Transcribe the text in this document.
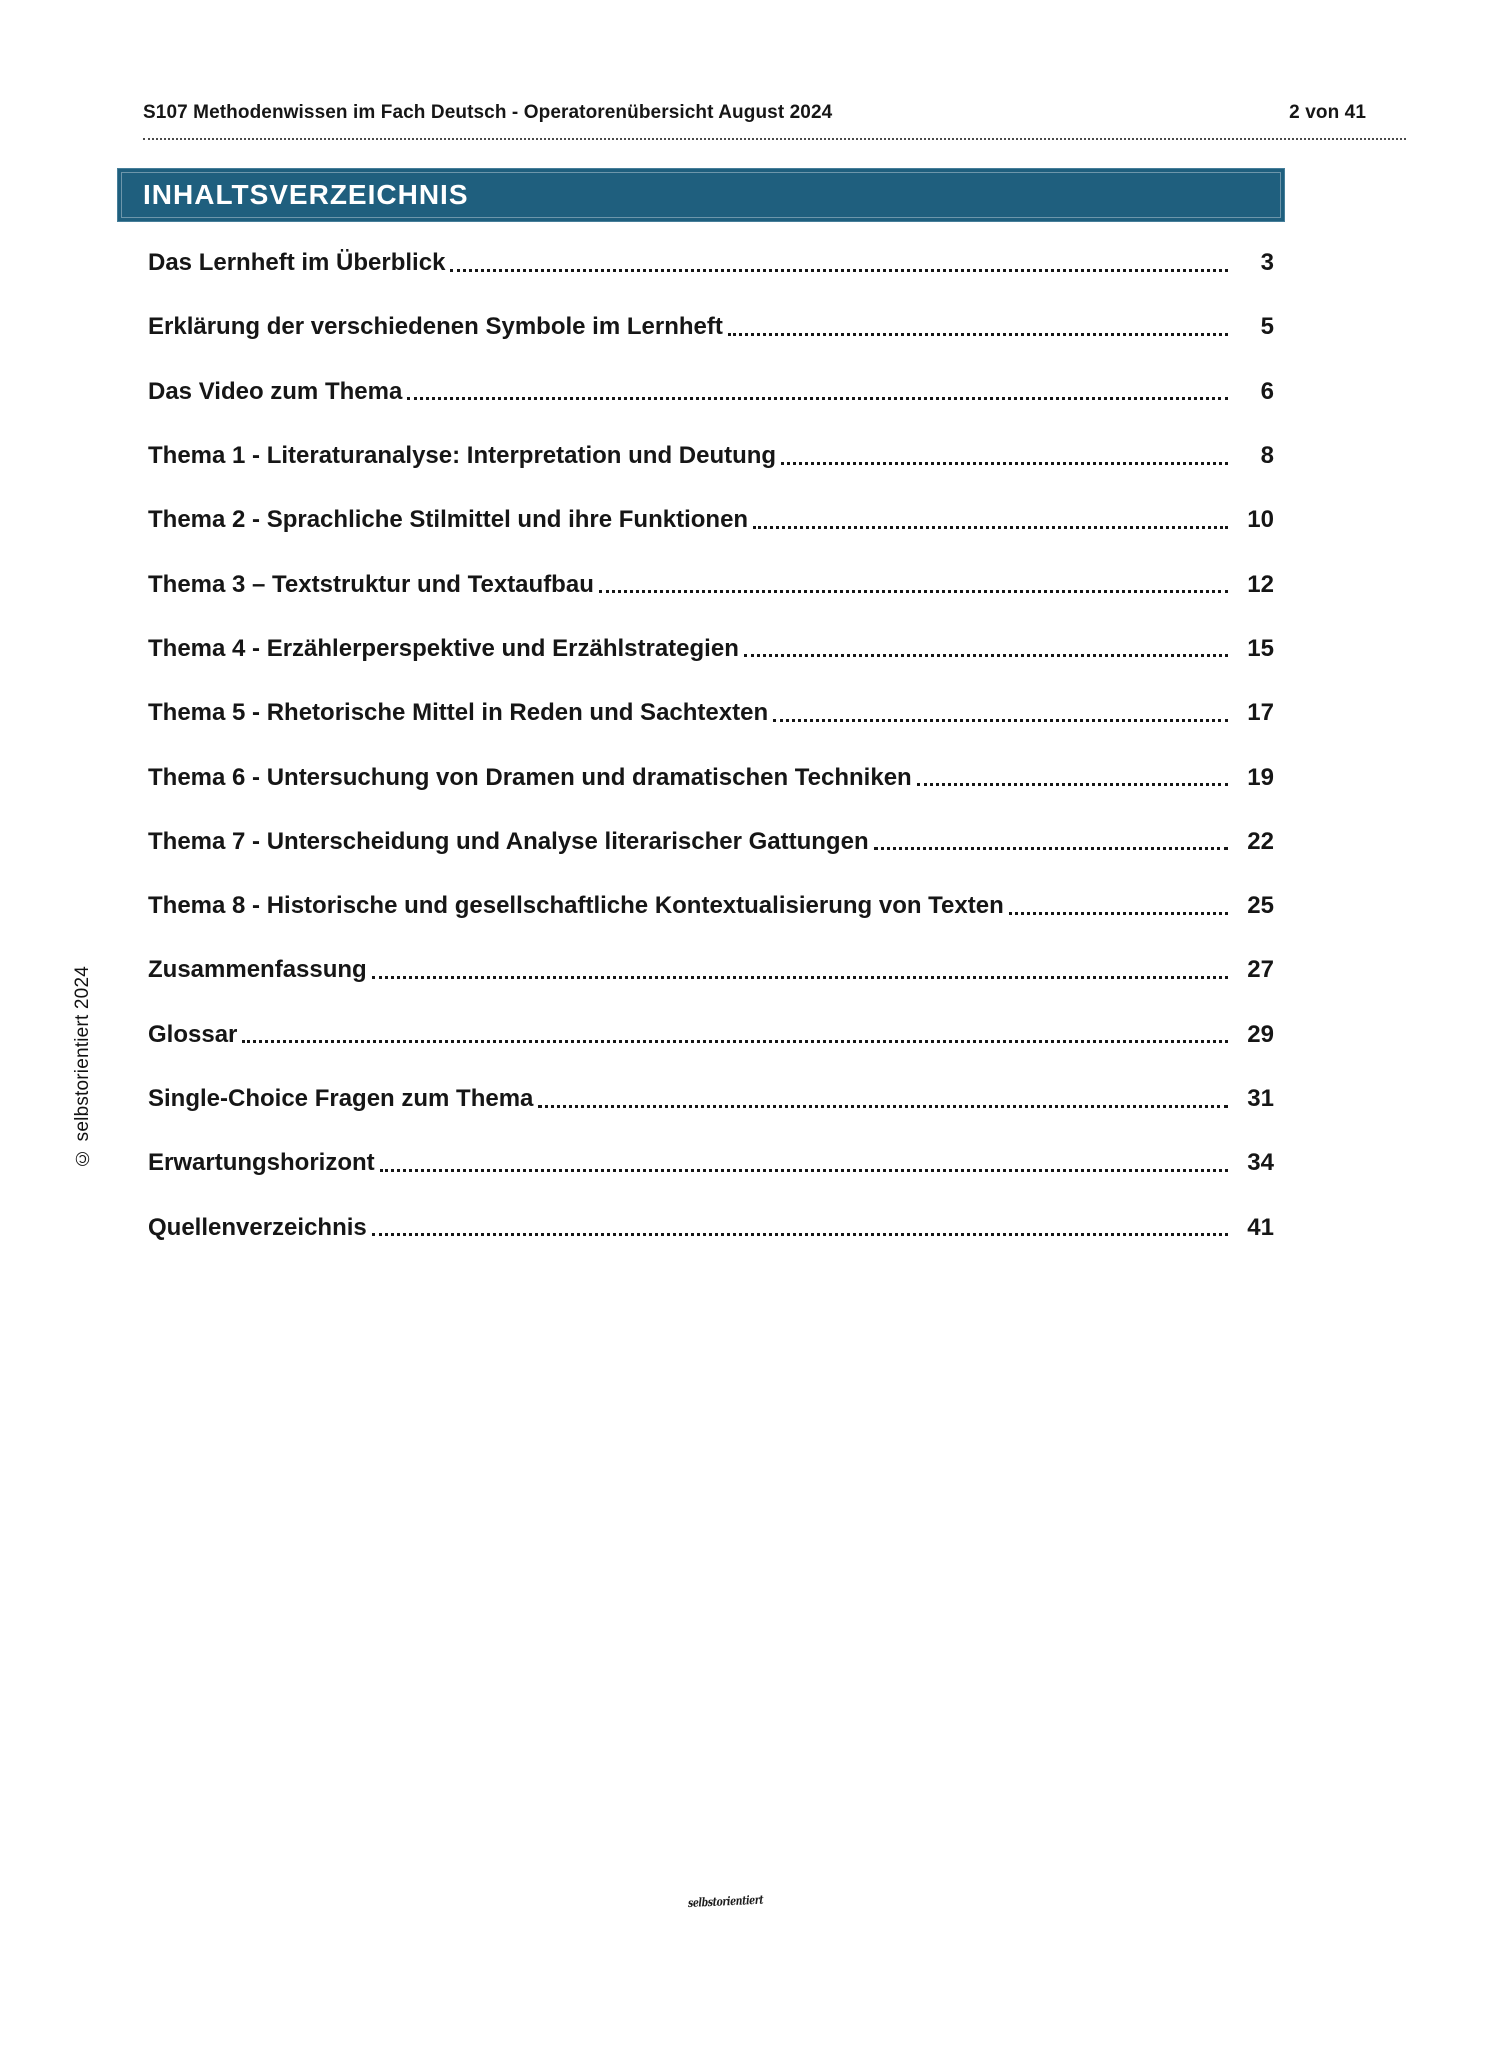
S107 Methodenwissen im Fach Deutsch - Operatorenübersicht August 2024	2 von 41
INHALTSVERZEICHNIS
Das Lernheft im Überblick	3
Erklärung der verschiedenen Symbole im Lernheft	5
Das Video zum Thema	6
Thema 1 - Literaturanalyse: Interpretation und Deutung	8
Thema 2 - Sprachliche Stilmittel und ihre Funktionen	10
Thema 3 – Textstruktur und Textaufbau	12
Thema 4 - Erzählerperspektive und Erzählstrategien	15
Thema 5 - Rhetorische Mittel in Reden und Sachtexten	17
Thema 6 - Untersuchung von Dramen und dramatischen Techniken	19
Thema 7 - Unterscheidung und Analyse literarischer Gattungen	22
Thema 8 - Historische und gesellschaftliche Kontextualisierung von Texten	25
Zusammenfassung	27
Glossar	29
Single-Choice Fragen zum Thema	31
Erwartungshorizont	34
Quellenverzeichnis	41
© selbstorientiert 2024
selbstorientiert
